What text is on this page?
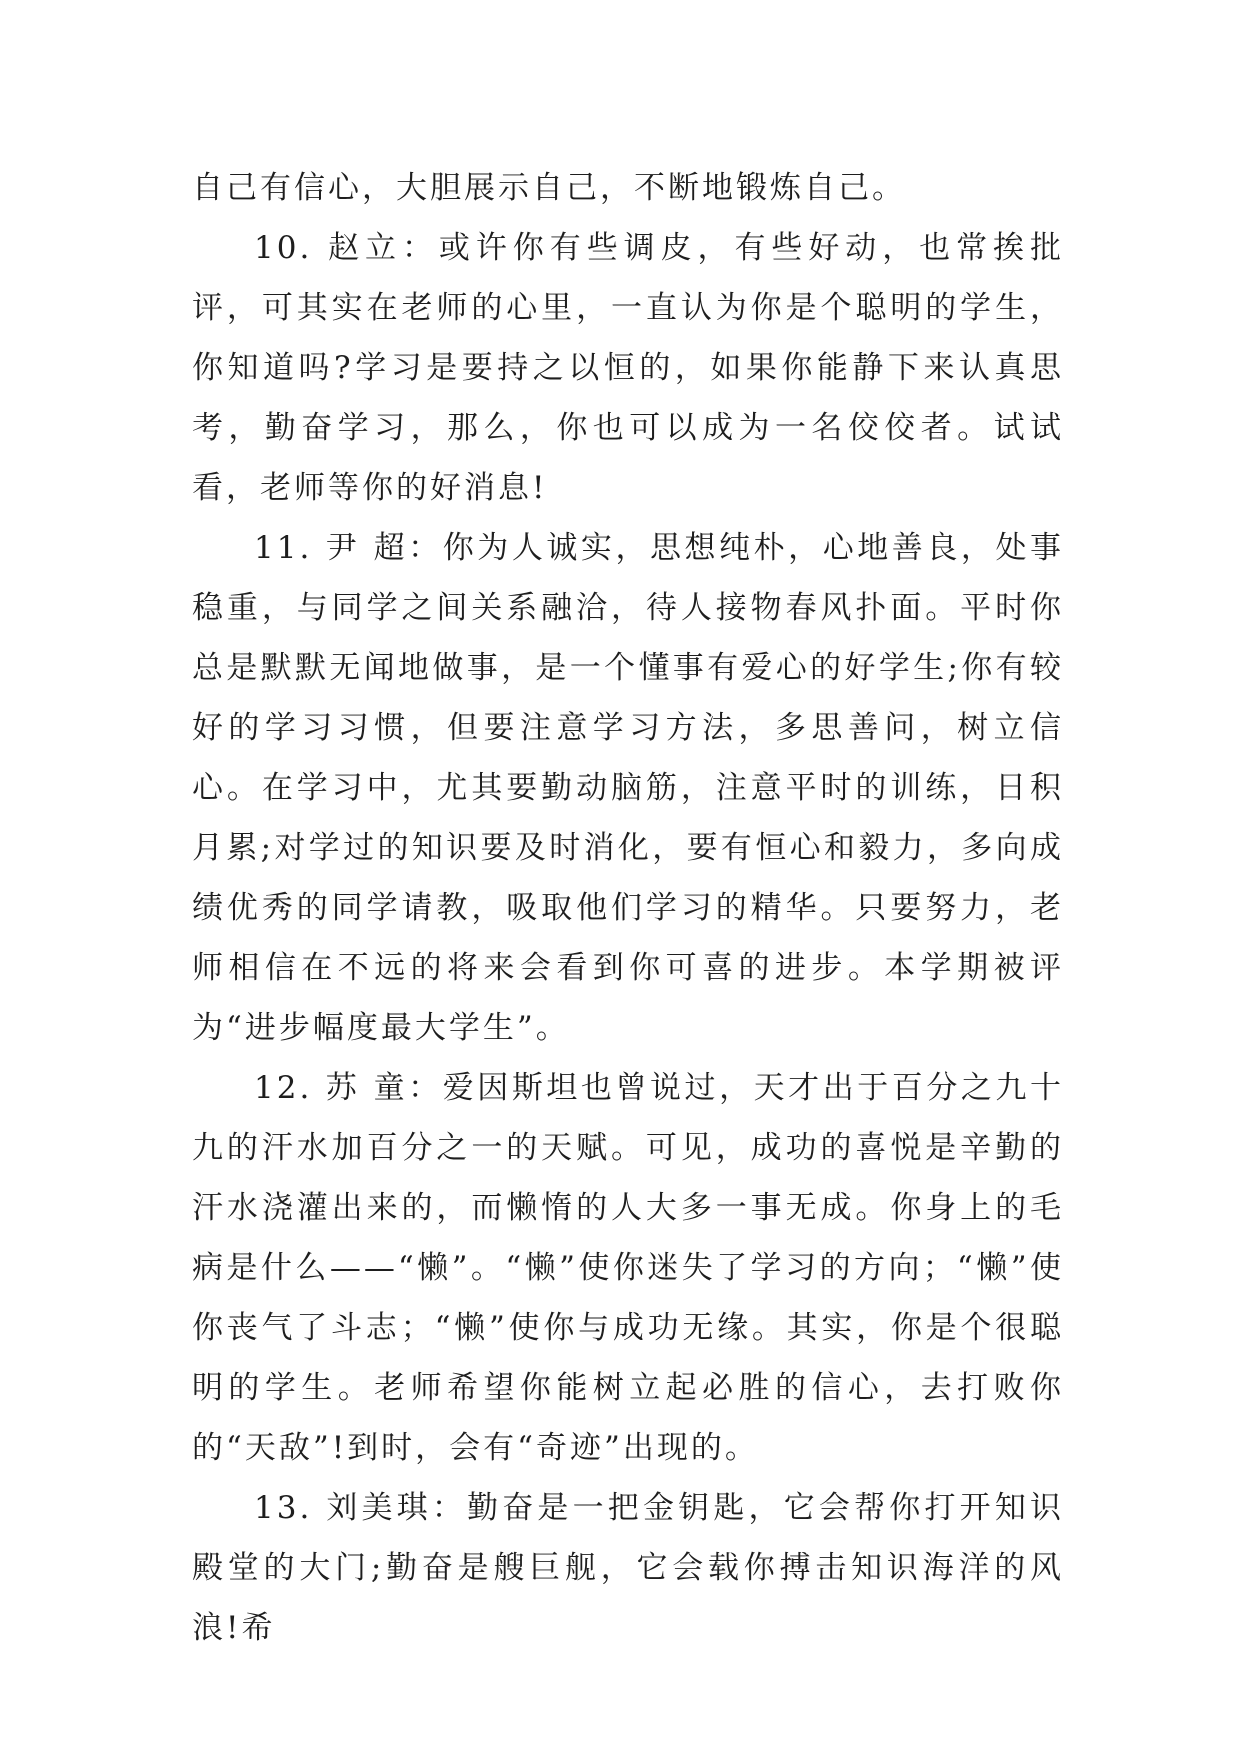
自己有信心，大胆展示自己，不断地锻炼自己。

10. 赵立：或许你有些调皮，有些好动，也常挨批评，可其实在老师的心里，一直认为你是个聪明的学生，你知道吗?学习是要持之以恒的，如果你能静下来认真思考，勤奋学习，那么，你也可以成为一名佼佼者。试试看，老师等你的好消息!

11. 尹 超：你为人诚实，思想纯朴，心地善良，处事稳重，与同学之间关系融洽，待人接物春风扑面。平时你总是默默无闻地做事，是一个懂事有爱心的好学生;你有较好的学习习惯，但要注意学习方法，多思善问，树立信心。在学习中，尤其要勤动脑筋，注意平时的训练，日积月累;对学过的知识要及时消化，要有恒心和毅力，多向成绩优秀的同学请教，吸取他们学习的精华。只要努力，老师相信在不远的将来会看到你可喜的进步。本学期被评为“进步幅度最大学生”。

12. 苏 童：爱因斯坦也曾说过，天才出于百分之九十九的汗水加百分之一的天赋。可见，成功的喜悦是辛勤的汗水浇灌出来的，而懒惰的人大多一事无成。你身上的毛病是什么——“懒”。“懒”使你迷失了学习的方向；“懒”使你丧气了斗志；“懒”使你与成功无缘。其实，你是个很聪明的学生。老师希望你能树立起必胜的信心，去打败你的“天敌”!到时，会有“奇迹”出现的。

13. 刘美琪：勤奋是一把金钥匙，它会帮你打开知识殿堂的大门;勤奋是艘巨舰，它会载你搏击知识海洋的风浪!希
